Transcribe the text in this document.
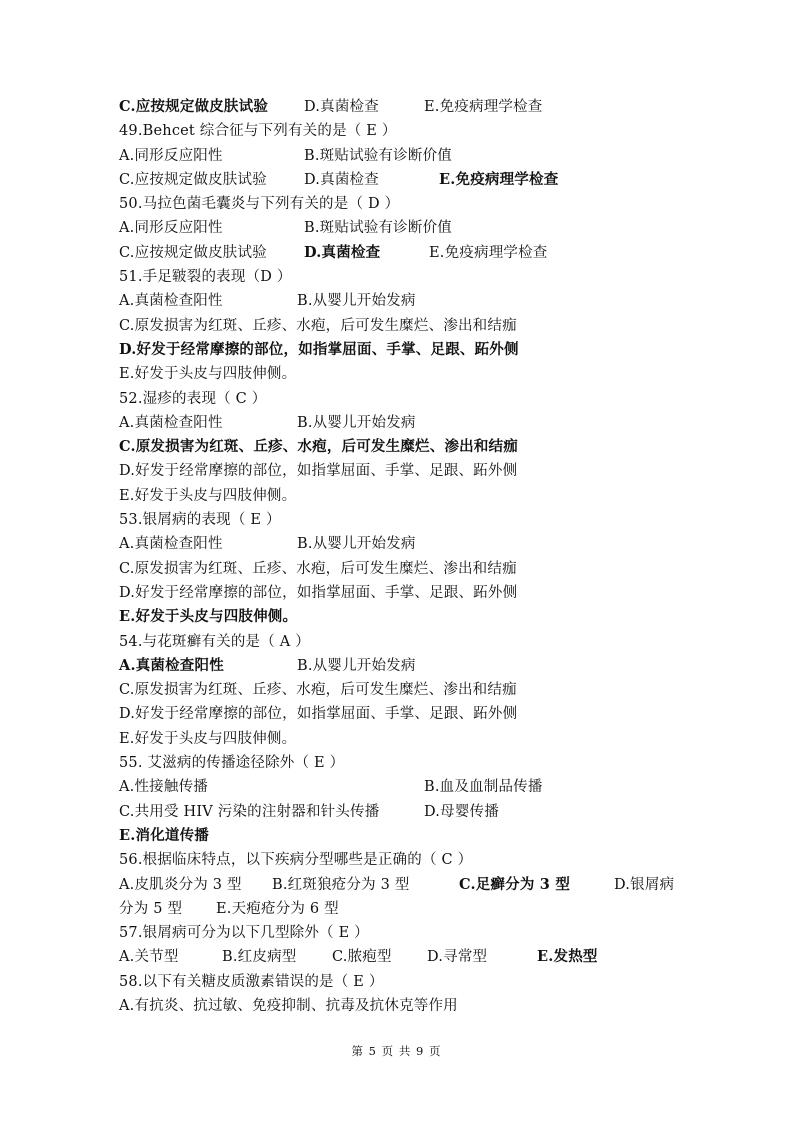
C.应按规定做皮肤试验 D.真菌检查	E.免疫病理学检查
49.Behcet 综合征与下列有关的是（ E ）
A.同形反应阳性	B.斑贴试验有诊断价值
C.应按规定做皮肤试验	D.真菌检查	E.免疫病理学检查
50.马拉色菌毛囊炎与下列有关的是（ D ）
A.同形反应阳性	B.斑贴试验有诊断价值
C.应按规定做皮肤试验	D.真菌检查	E.免疫病理学检查
51.手足皲裂的表现（D ）
A.真菌检查阳性	B.从婴儿开始发病
C.原发损害为红斑、丘疹、水疱，后可发生糜烂、渗出和结痂
D.好发于经常摩擦的部位，如指掌屈面、手掌、足跟、跖外侧
E.好发于头皮与四肢伸侧。
52.湿疹的表现（ C ）
A.真菌检查阳性	B.从婴儿开始发病
C.原发损害为红斑、丘疹、水疱，后可发生糜烂、渗出和结痂
D.好发于经常摩擦的部位，如指掌屈面、手掌、足跟、跖外侧
E.好发于头皮与四肢伸侧。
53.银屑病的表现（ E ）
A.真菌检查阳性	B.从婴儿开始发病
C.原发损害为红斑、丘疹、水疱，后可发生糜烂、渗出和结痂
D.好发于经常摩擦的部位，如指掌屈面、手掌、足跟、跖外侧
E.好发于头皮与四肢伸侧。
54.与花斑癣有关的是（ A ）
A.真菌检查阳性	B.从婴儿开始发病
C.原发损害为红斑、丘疹、水疱，后可发生糜烂、渗出和结痂
D.好发于经常摩擦的部位，如指掌屈面、手掌、足跟、跖外侧
E.好发于头皮与四肢伸侧。
55. 艾滋病的传播途径除外（ E ）
A.性接触传播	B.血及血制品传播
C.共用受 HIV 污染的注射器和针头传播	D.母婴传播
E.消化道传播
56.根据临床特点，以下疾病分型哪些是正确的（ C ）
A.皮肌炎分为 3 型 B.红斑狼疮分为 3 型	C.足癣分为 3 型	D.银屑病
分为 5 型 E.天疱疮分为 6 型
57.银屑病可分为以下几型除外（ E ）
A.关节型	B.红皮病型 C.脓疱型 D.寻常型	E.发热型
58.以下有关糖皮质激素错误的是（ E ）
A.有抗炎、抗过敏、免疫抑制、抗毒及抗休克等作用
第 5 页 共 9 页
